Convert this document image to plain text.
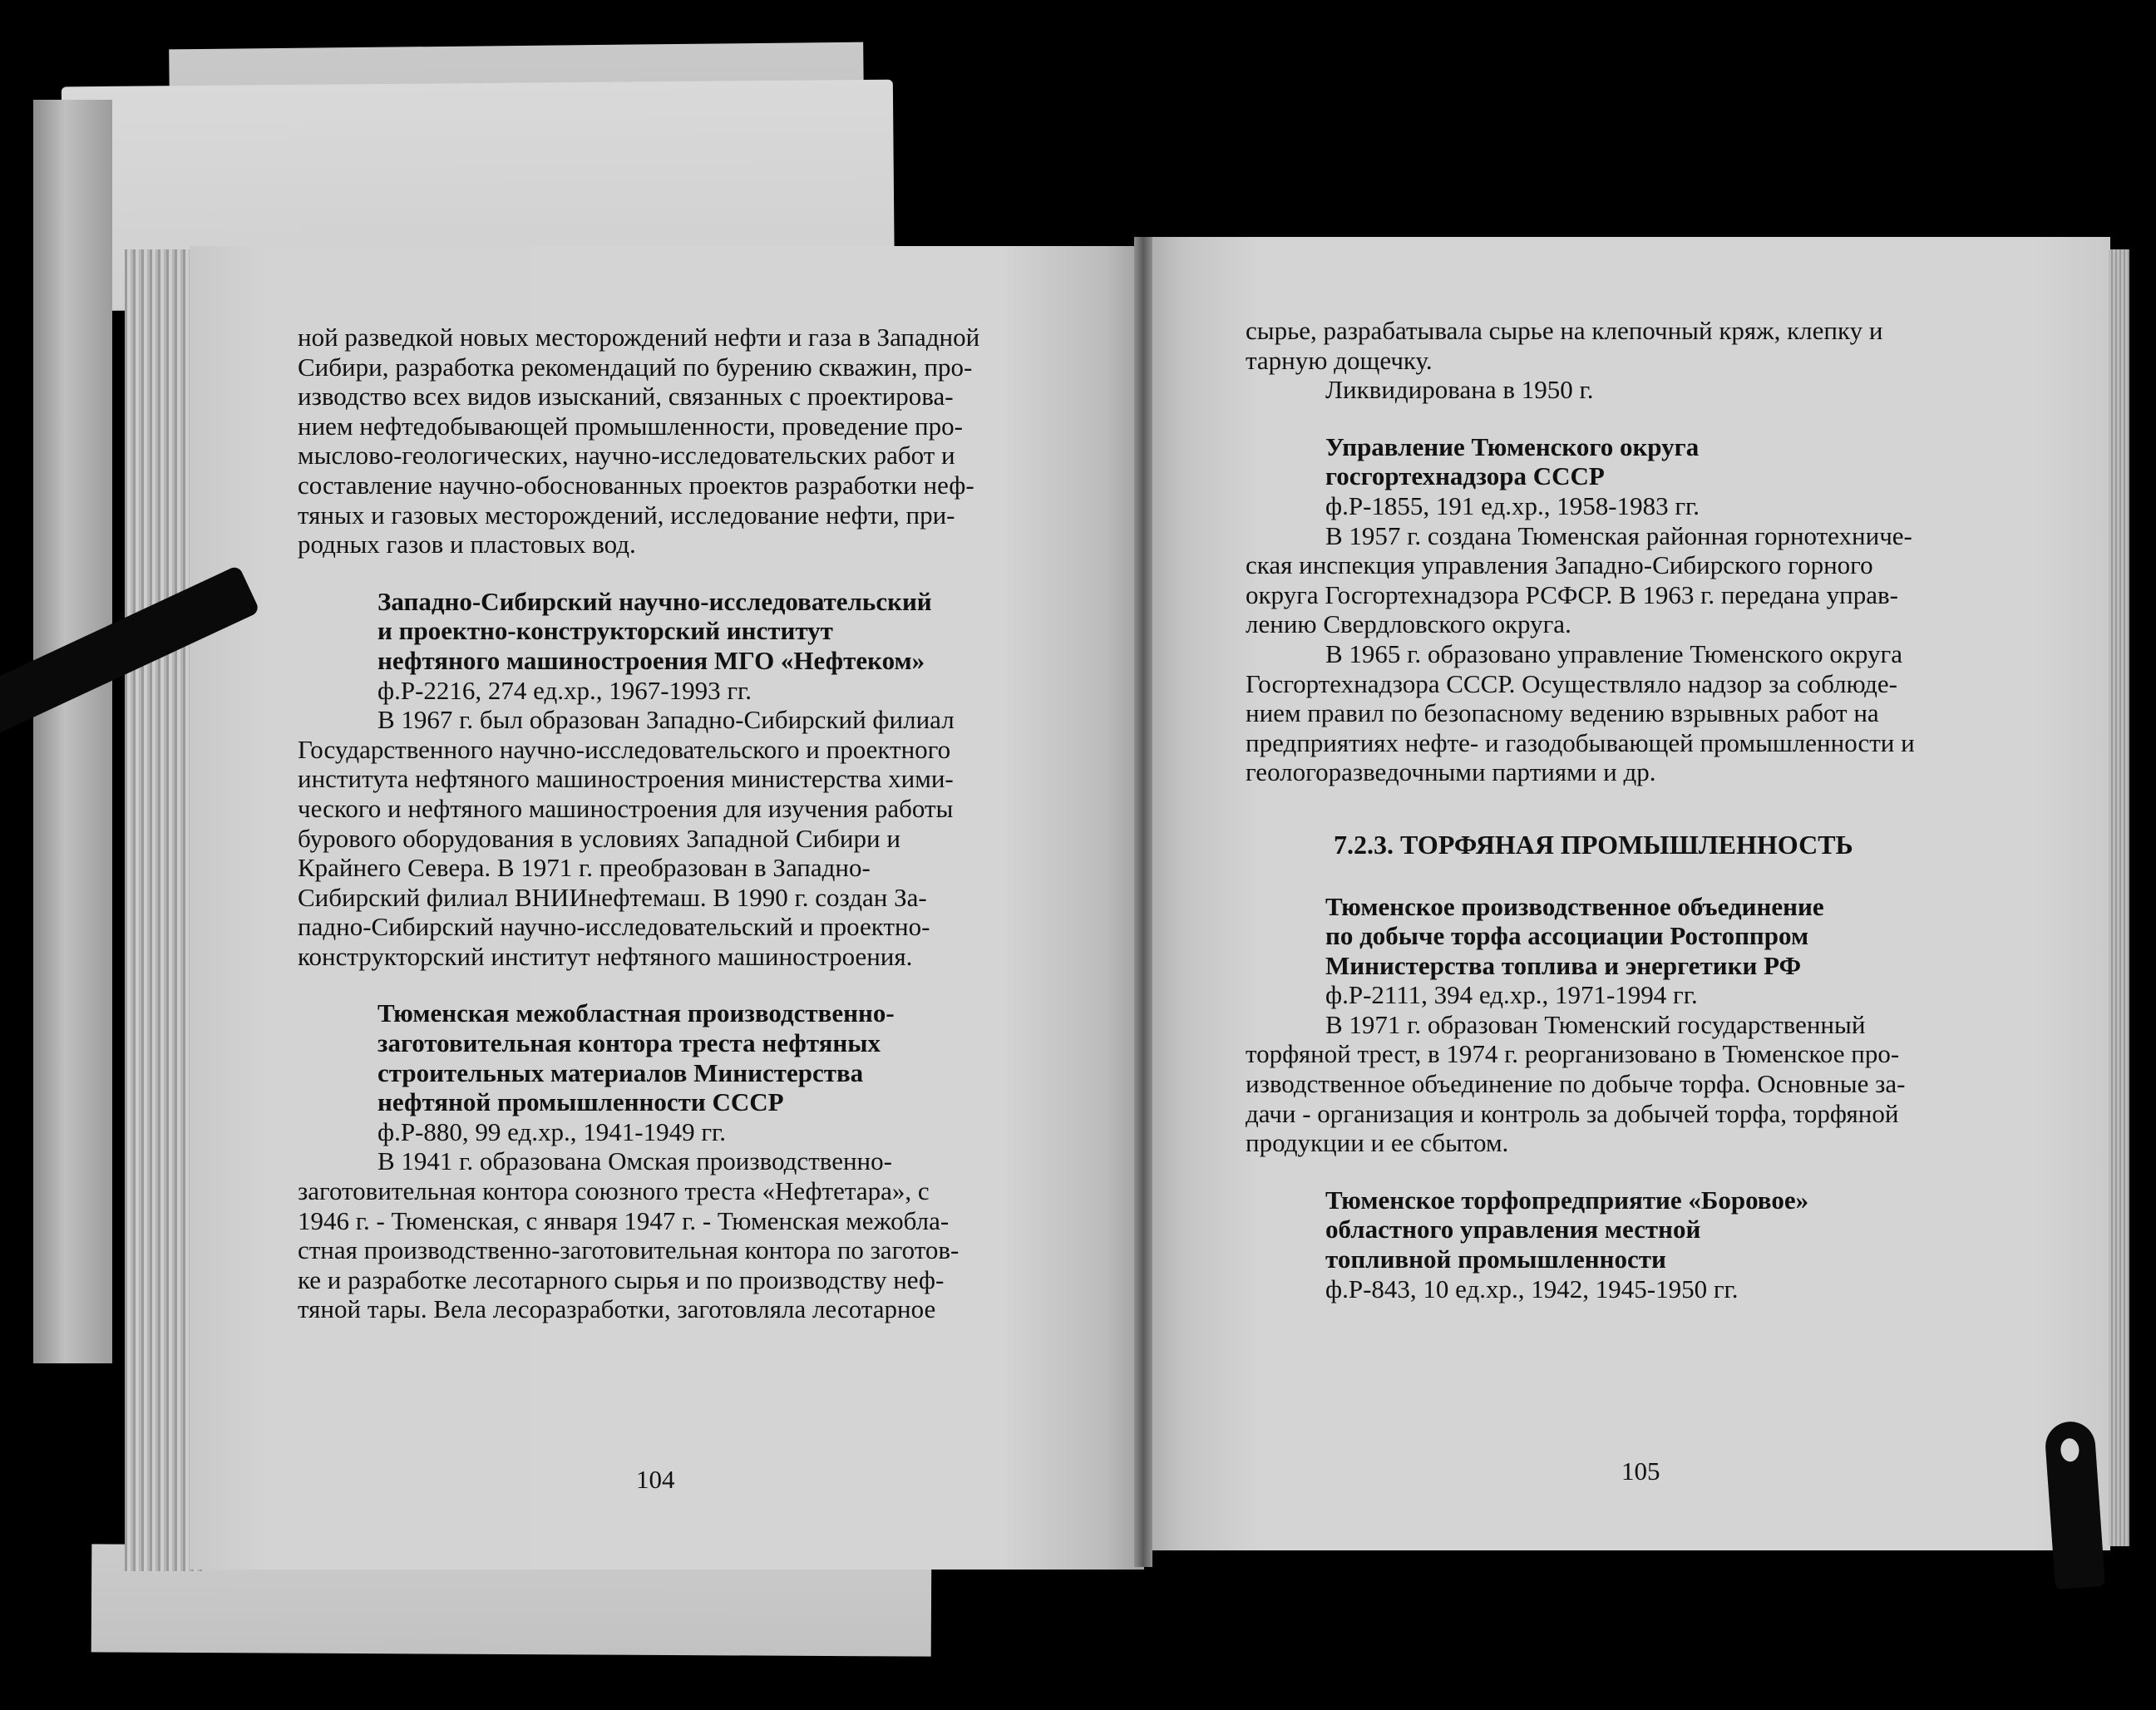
ной разведкой новых месторождений нефти и газа в Западной

Сибири, разработка рекомендаций по бурению скважин, про-

изводство всех видов изысканий, связанных с проектирова-

нием нефтедобывающей промышленности, проведение про-

мыслово-геологических, научно-исследовательских работ и

составление научно-обоснованных проектов разработки неф-

тяных и газовых месторождений, исследование нефти, при-

родных газов и пластовых вод.

Западно-Сибирский научно-исследовательский

и проектно-конструкторский институт

нефтяного машиностроения МГО «Нефтеком»

ф.Р-2216, 274 ед.хр., 1967-1993 гг.

В 1967 г. был образован Западно-Сибирский филиал

Государственного научно-исследовательского и проектного

института нефтяного машиностроения министерства хими-

ческого и нефтяного машиностроения для изучения работы

бурового оборудования в условиях Западной Сибири и

Крайнего Севера. В 1971 г. преобразован в Западно-

Сибирский филиал ВНИИнефтемаш. В 1990 г. создан За-

падно-Сибирский научно-исследовательский и проектно-

конструкторский институт нефтяного машиностроения.

Тюменская межобластная производственно-

заготовительная контора треста нефтяных

строительных материалов Министерства

нефтяной промышленности СССР

ф.Р-880, 99 ед.хр., 1941-1949 гг.

В 1941 г. образована Омская производственно-

заготовительная контора союзного треста «Нефтетара», с

1946 г. - Тюменская, с января 1947 г. - Тюменская межобла-

стная производственно-заготовительная контора по заготов-

ке и разработке лесотарного сырья и по производству неф-

тяной тары. Вела лесоразработки, заготовляла лесотарное

104

сырье, разрабатывала сырье на клепочный кряж, клепку и

тарную дощечку.

Ликвидирована в 1950 г.

Управление Тюменского округа

госгортехнадзора СССР

ф.Р-1855, 191 ед.хр., 1958-1983 гг.

В 1957 г. создана Тюменская районная горнотехниче-

ская инспекция управления Западно-Сибирского горного

округа Госгортехнадзора РСФСР. В 1963 г. передана управ-

лению Свердловского округа.

В 1965 г. образовано управление Тюменского округа

Госгортехнадзора СССР. Осуществляло надзор за соблюде-

нием правил по безопасному ведению взрывных работ на

предприятиях нефте- и газодобывающей промышленности и

геологоразведочными партиями и др.

7.2.3. ТОРФЯНАЯ ПРОМЫШЛЕННОСТЬ

Тюменское производственное объединение

по добыче торфа ассоциации Ростоппром

Министерства топлива и энергетики РФ

ф.Р-2111, 394 ед.хр., 1971-1994 гг.

В 1971 г. образован Тюменский государственный

торфяной трест, в 1974 г. реорганизовано в Тюменское про-

изводственное объединение по добыче торфа. Основные за-

дачи - организация и контроль за добычей торфа, торфяной

продукции и ее сбытом.

Тюменское торфопредприятие «Боровое»

областного управления местной

топливной промышленности

ф.Р-843, 10 ед.хр., 1942, 1945-1950 гг.

105
